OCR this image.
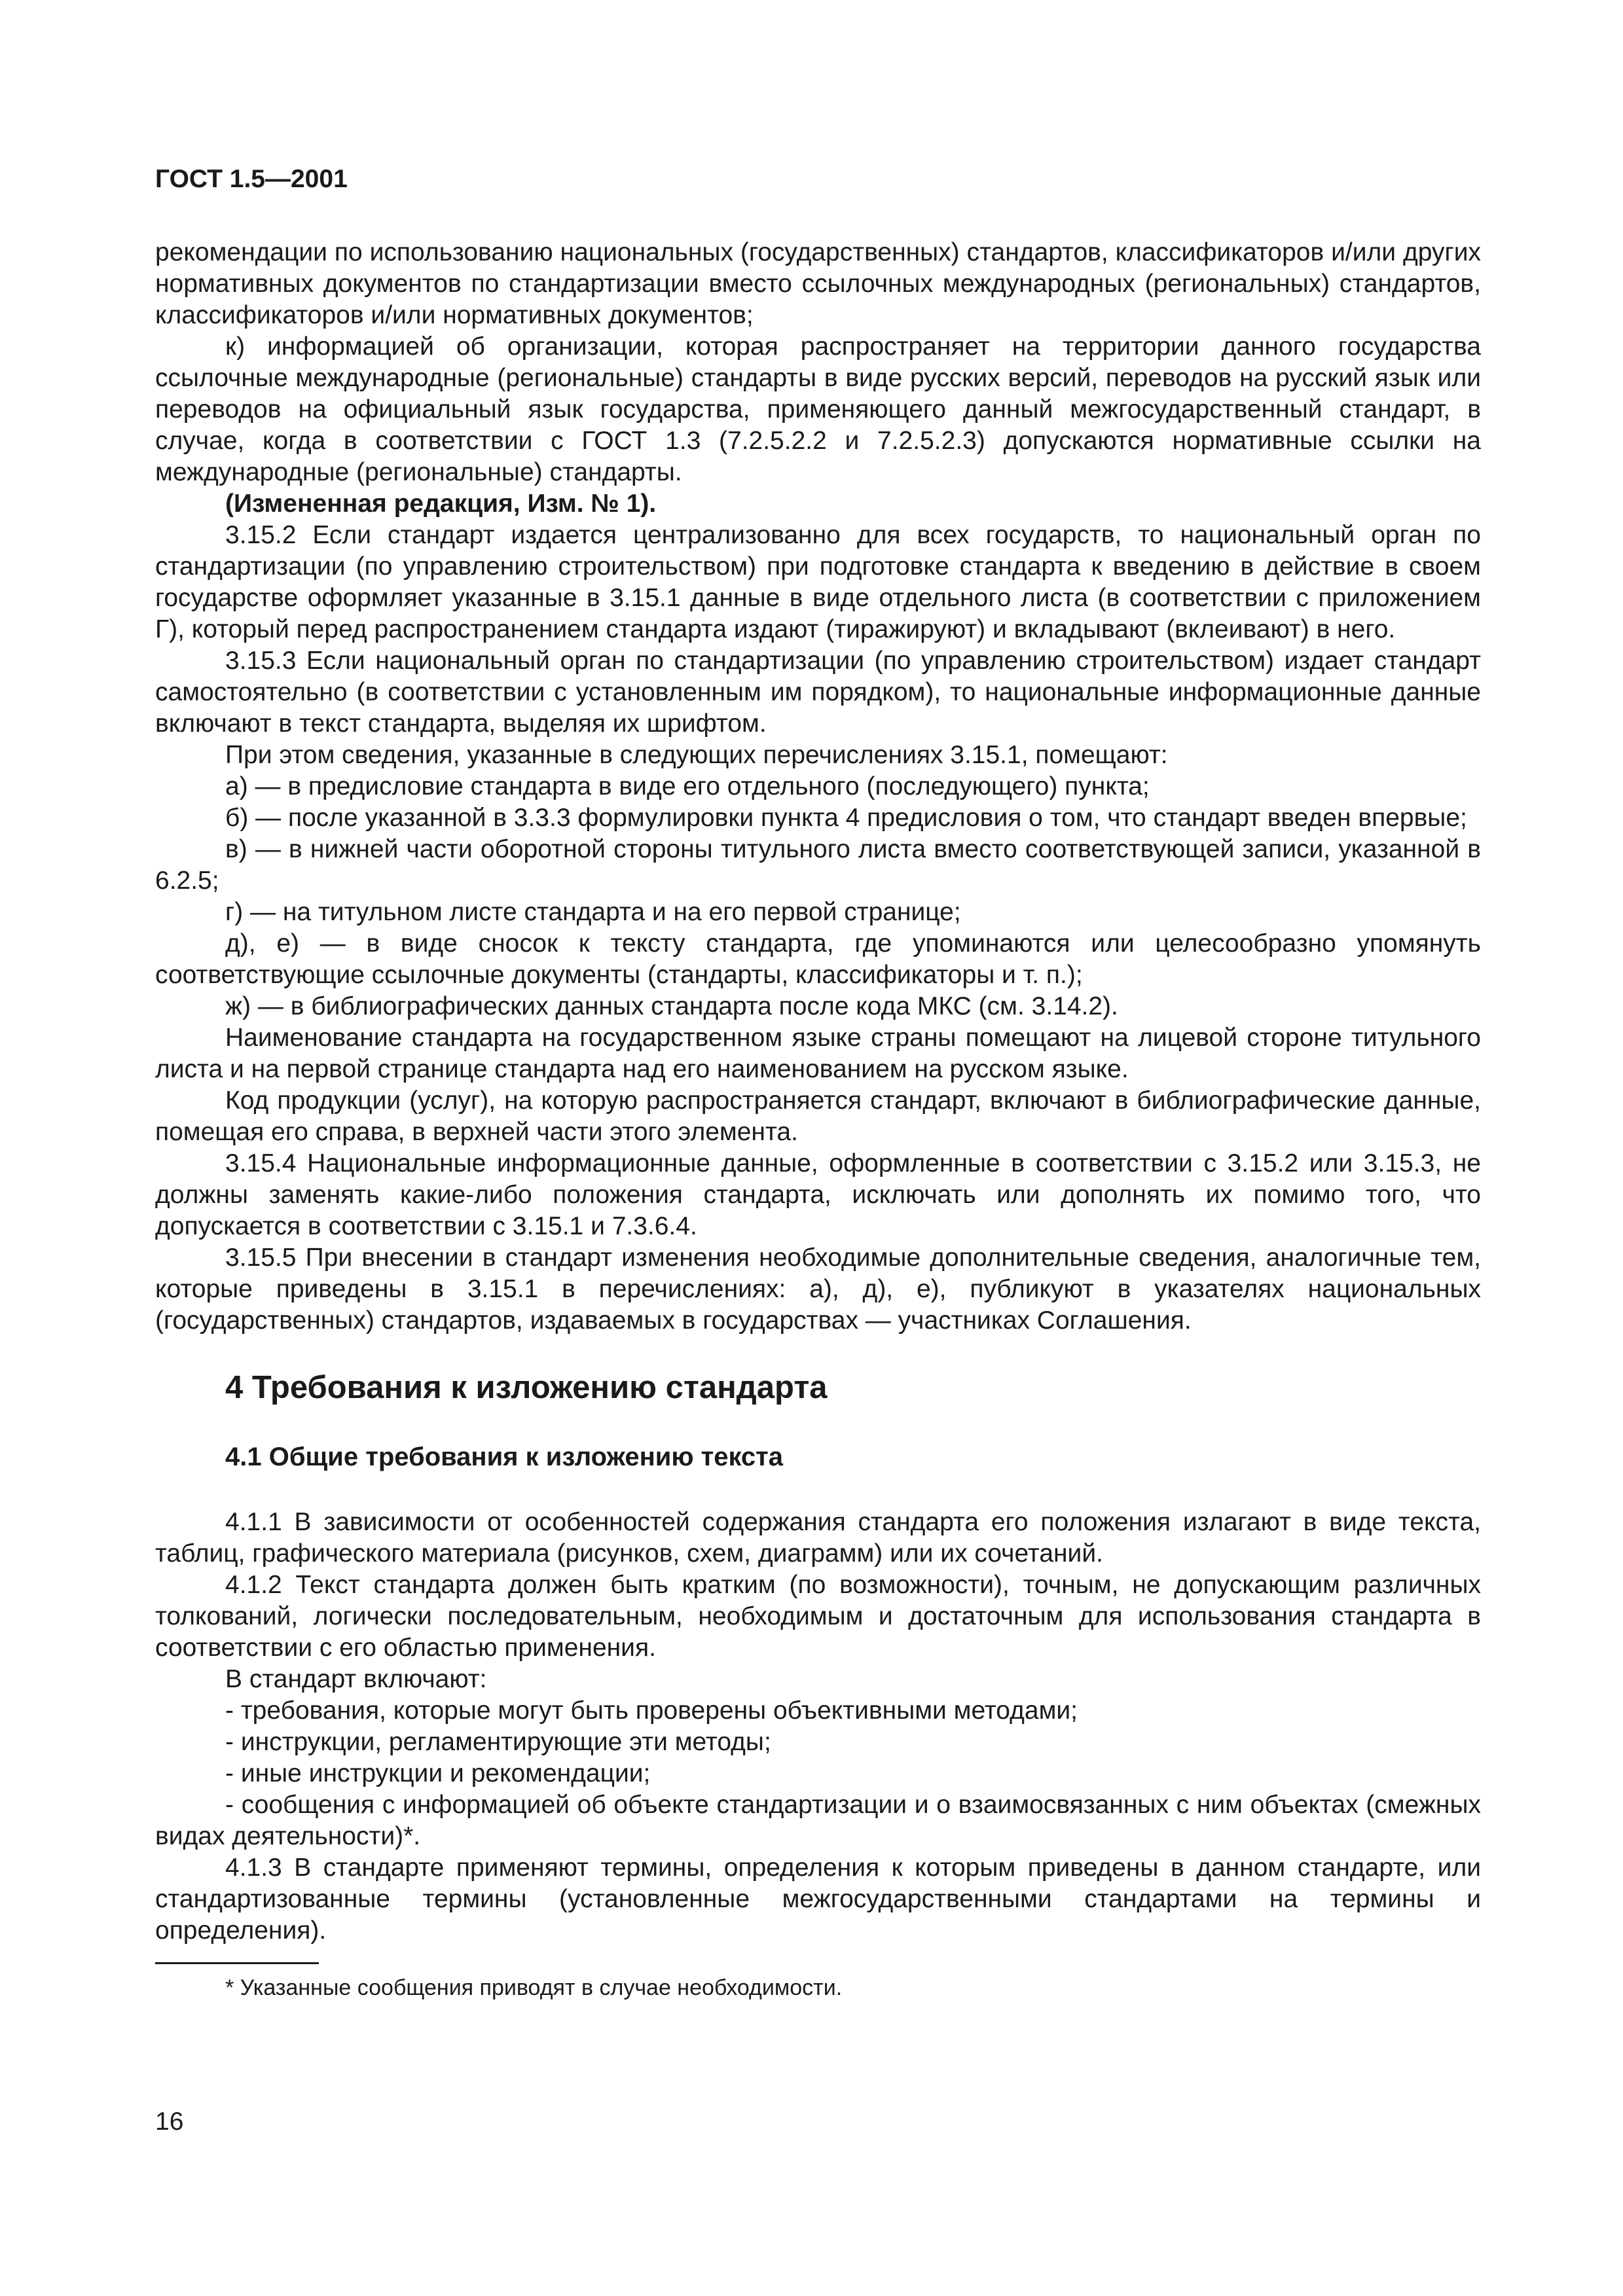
ГОСТ 1.5—2001

рекомендации по использованию национальных (государственных) стандартов, классификаторов и/или других нормативных документов по стандартизации вместо ссылочных международных (региональных) стандартов, классификаторов и/или нормативных документов;

к) информацией об организации, которая распространяет на территории данного государства ссылочные международные (региональные) стандарты в виде русских версий, переводов на русский язык или переводов на официальный язык государства, применяющего данный межгосударственный стандарт, в случае, когда в соответствии с ГОСТ 1.3 (7.2.5.2.2 и 7.2.5.2.3) допускаются нормативные ссылки на международные (региональные) стандарты.

(Измененная редакция, Изм. № 1).

3.15.2 Если стандарт издается централизованно для всех государств, то национальный орган по стандартизации (по управлению строительством) при подготовке стандарта к введению в действие в своем государстве оформляет указанные в 3.15.1 данные в виде отдельного листа (в соответствии с приложением Г), который перед распространением стандарта издают (тиражируют) и вкладывают (вклеивают) в него.

3.15.3 Если национальный орган по стандартизации (по управлению строительством) издает стандарт самостоятельно (в соответствии с установленным им порядком), то национальные информационные данные включают в текст стандарта, выделяя их шрифтом.

При этом сведения, указанные в следующих перечислениях 3.15.1, помещают:

а) — в предисловие стандарта в виде его отдельного (последующего) пункта;

б) — после указанной в 3.3.3 формулировки пункта 4 предисловия о том, что стандарт введен впервые;

в) — в нижней части оборотной стороны титульного листа вместо соответствующей записи, указанной в 6.2.5;

г) — на титульном листе стандарта и на его первой странице;

д), е) — в виде сносок к тексту стандарта, где упоминаются или целесообразно упомянуть соответствующие ссылочные документы (стандарты, классификаторы и т. п.);

ж) — в библиографических данных стандарта после кода МКС (см. 3.14.2).

Наименование стандарта на государственном языке страны помещают на лицевой стороне титульного листа и на первой странице стандарта над его наименованием на русском языке.

Код продукции (услуг), на которую распространяется стандарт, включают в библиографические данные, помещая его справа, в верхней части этого элемента.

3.15.4 Национальные информационные данные, оформленные в соответствии с 3.15.2 или 3.15.3, не должны заменять какие-либо положения стандарта, исключать или дополнять их помимо того, что допускается в соответствии с 3.15.1 и 7.3.6.4.

3.15.5 При внесении в стандарт изменения необходимые дополнительные сведения, аналогичные тем, которые приведены в 3.15.1 в перечислениях: а), д), е), публикуют в указателях национальных (государственных) стандартов, издаваемых в государствах — участниках Соглашения.

4 Требования к изложению стандарта
4.1 Общие требования к изложению текста

4.1.1 В зависимости от особенностей содержания стандарта его положения излагают в виде текста, таблиц, графического материала (рисунков, схем, диаграмм) или их сочетаний.

4.1.2 Текст стандарта должен быть кратким (по возможности), точным, не допускающим различных толкований, логически последовательным, необходимым и достаточным для использования стандарта в соответствии с его областью применения.

В стандарт включают:

- требования, которые могут быть проверены объективными методами;

- инструкции, регламентирующие эти методы;

- иные инструкции и рекомендации;

- сообщения с информацией об объекте стандартизации и о взаимосвязанных с ним объектах (смежных видах деятельности)*.

4.1.3 В стандарте применяют термины, определения к которым приведены в данном стандарте, или стандартизованные термины (установленные межгосударственными стандартами на термины и определения).

* Указанные сообщения приводят в случае необходимости.

16
